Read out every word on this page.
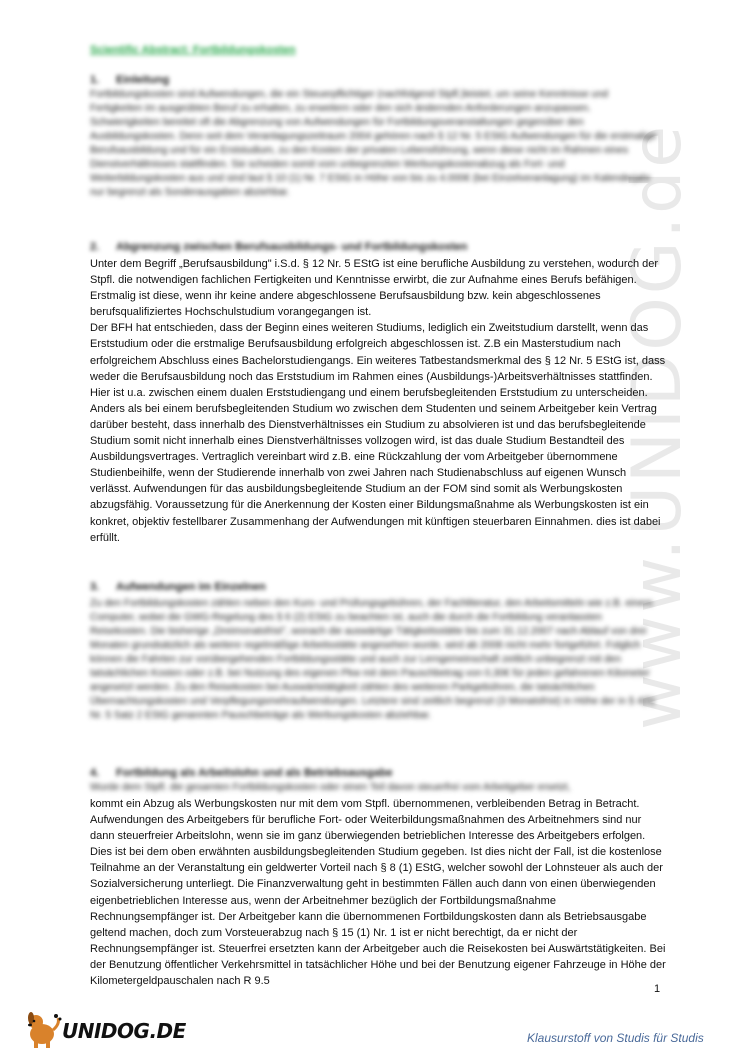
www.UNIDOG.de
Scientific Abstract: Fortbildungskosten
1. Einleitung
Fortbildungskosten sind Aufwendungen, die ein Steuerpflichtiger (nachfolgend Stpfl.)leistet, um seine Kenntnisse und Fertigkeiten im ausgeübten Beruf zu erhalten, zu erweitern oder den sich ändernden Anforderungen anzupassen. Schwierigkeiten bereitet oft die Abgrenzung von Aufwendungen für Fortbildungsveranstaltungen gegenüber den Ausbildungskosten. Denn seit dem Veranlagungszeitraum 2004 gehören nach § 12 Nr. 5 EStG Aufwendungen für die erstmalige Berufsausbildung und für ein Erststudium, zu den Kosten der privaten Lebensführung, wenn diese nicht im Rahmen eines Dienstverhältnisses stattfinden. Sie scheiden somit vom unbegrenzten Werbungskostenabzug als Fort- und Weiterbildungskosten aus und sind laut § 10 (1) Nr. 7 EStG in Höhe von bis zu 4.000€ (bei Einzelveranlagung) im Kalenderjahr nur begrenzt als Sonderausgaben abziehbar.
2. Abgrenzung zwischen Berufsausbildungs- und Fortbildungskosten

Unter dem Begriff „Berufsausbildung" i.S.d. § 12 Nr. 5 EStG ist eine berufliche Ausbildung zu verstehen, wodurch der Stpfl. die notwendigen fachlichen Fertigkeiten und Kenntnisse erwirbt, die zur Aufnahme eines Berufs befähigen. Erstmalig ist diese, wenn ihr keine andere abgeschlossene Berufsausbildung bzw. kein abgeschlossenes berufsqualifiziertes Hochschulstudium vorangegangen ist.

Der BFH hat entschieden, dass der Beginn eines weiteren Studiums, lediglich ein Zweitstudium darstellt, wenn das Erststudium oder die erstmalige Berufsausbildung erfolgreich abgeschlossen ist. Z.B ein Masterstudium nach erfolgreichem Abschluss eines Bachelorstudiengangs. Ein weiteres Tatbestandsmerkmal des § 12 Nr. 5 EStG ist, dass weder die Berufsausbildung noch das Erststudium im Rahmen eines (Ausbildungs-)Arbeitsverhältnisses stattfinden. Hier ist u.a. zwischen einem dualen Erststudiengang und einem berufsbegleitenden Erststudium zu unterscheiden. Anders als bei einem berufsbegleitenden Studium wo zwischen dem Studenten und seinem Arbeitgeber kein Vertrag darüber besteht, dass innerhalb des Dienstverhältnisses ein Studium zu absolvieren ist und das berufsbegleitende Studium somit nicht innerhalb eines Dienstverhältnisses vollzogen wird, ist das duale Studium Bestandteil des Ausbildungsvertrages. Vertraglich vereinbart wird z.B. eine Rückzahlung der vom Arbeitgeber übernommene Studienbeihilfe, wenn der Studierende innerhalb von zwei Jahren nach Studienabschluss auf eigenen Wunsch verlässt. Aufwendungen für das ausbildungsbegleitende Studium an der FOM sind somit als Werbungskosten abzugsfähig. Voraussetzung für die Anerkennung der Kosten einer Bildungsmaßnahme als Werbungskosten ist ein konkret, objektiv festellbarer Zusammenhang der Aufwendungen mit künftigen steuerbaren Einnahmen. dies ist dabei erfüllt.

3. Aufwendungen im Einzelnen
Zu den Fortbildungskosten zählen neben den Kurs- und Prüfungsgebühren, der Fachliteratur, den Arbeitsmitteln wie z.B. einem Computer, wobei die GWG-Regelung des § 6 (2) EStG zu beachten ist, auch die durch die Fortbildung veranlassten Reisekosten. Die bisherige „Dreimonatsfrist", wonach die auswärtige Tätigkeitsstätte bis zum 31.12.2007 nach Ablauf von drei Monaten grundsätzlich als weitere regelmäßige Arbeitsstätte angesehen wurde, wird ab 2008 nicht mehr fortgeführt. Folglich können die Fahrten zur vorübergehenden Fortbildungsstätte und auch zur Lerngemeinschaft zeitlich unbegrenzt mit den tatsächlichen Kosten oder z.B. bei Nutzung des eigenen Pkw mit dem Pauschbetrag von 0,30€ für jeden gefahrenen Kilometer angesetzt werden. Zu den Reisekosten bei Auswärtstätigkeit zählen des weiteren Parkgebühren, die tatsächlichen Übernachtungskosten und Verpflegungsmehraufwendungen. Letztere sind zeitlich begrenzt (3 Monatsfrist) in Höhe der in § 4(5) Nr. 5 Satz 2 EStG genannten Pauschbeträge als Werbungskosten abziehbar.
4. Fortbildung als Arbeitslohn und als Betriebsausgabe
Wurde dem Stpfl. die gesamten Fortbildungskosten oder einen Teil davon steuerfrei vom Arbeitgeber ersetzt,

kommt ein Abzug als Werbungskosten nur mit dem vom Stpfl. übernommenen, verbleibenden Betrag in Betracht. Aufwendungen des Arbeitgebers für berufliche Fort- oder Weiterbildungsmaßnahmen des Arbeitnehmers sind nur dann steuerfreier Arbeitslohn, wenn sie im ganz überwiegenden betrieblichen Interesse des Arbeitgebers erfolgen. Dies ist bei dem oben erwähnten ausbildungsbegleitenden Studium gegeben. Ist dies nicht der Fall, ist die kostenlose Teilnahme an der Veranstaltung ein geldwerter Vorteil nach § 8 (1) EStG, welcher sowohl der Lohnsteuer als auch der Sozialversicherung unterliegt. Die Finanzverwaltung geht in bestimmten Fällen auch dann von einen überwiegenden eigenbetrieblichen Interesse aus, wenn der Arbeitnehmer bezüglich der Fortbildungsmaßnahme Rechnungsempfänger ist. Der Arbeitgeber kann die übernommenen Fortbildungskosten dann als Betriebsausgabe geltend machen, doch zum Vorsteuerabzug nach § 15 (1) Nr. 1 ist er nicht berechtigt, da er nicht der Rechnungsempfänger ist. Steuerfrei ersetzten kann der Arbeitgeber auch die Reisekosten bei Auswärtstätigkeiten. Bei der Benutzung öffentlicher Verkehrsmittel in tatsächlicher Höhe und bei der Benutzung eigener Fahrzeuge in Höhe der Kilometergeldpauschalen nach R 9.5

1
UNIDOG.DE	Klausurstoff von Studis für Studis
